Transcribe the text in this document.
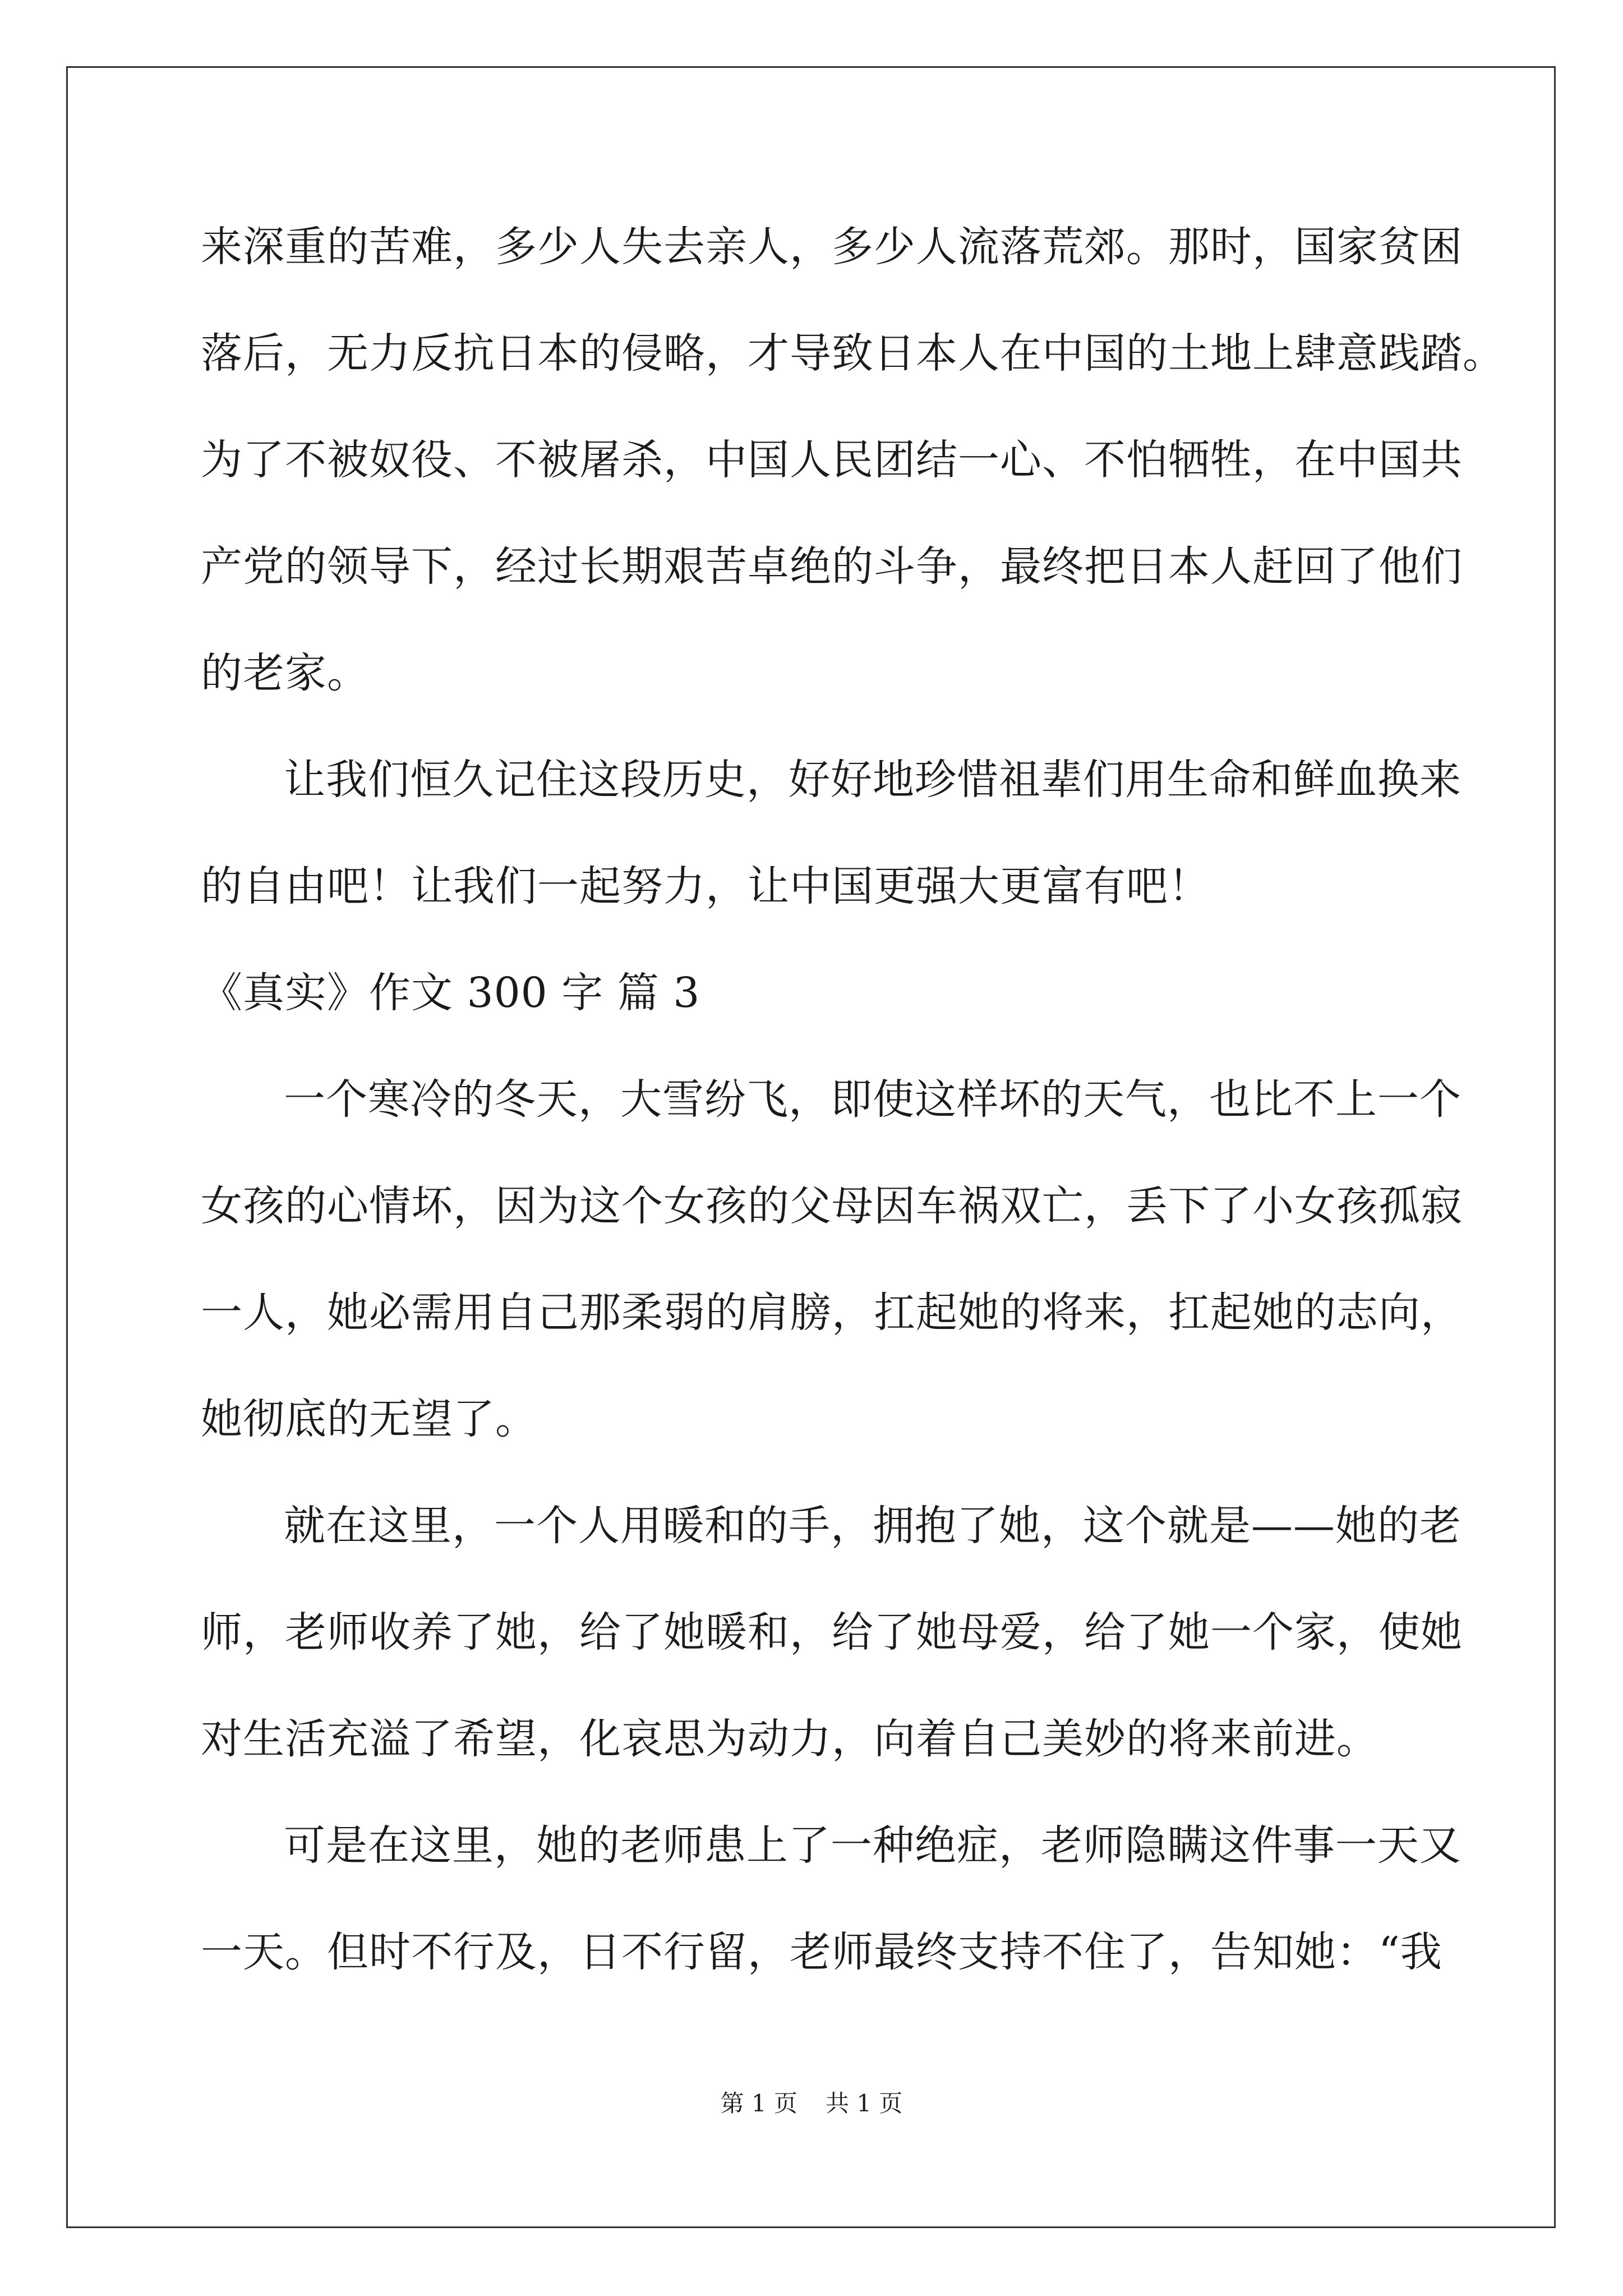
来深重的苦难，多少人失去亲人，多少人流落荒郊。那时，国家贫困
落后，无力反抗日本的侵略，才导致日本人在中国的土地上肆意践踏。
为了不被奴役、不被屠杀，中国人民团结一心、不怕牺牲，在中国共
产党的领导下，经过长期艰苦卓绝的斗争，最终把日本人赶回了他们
的老家。
让我们恒久记住这段历史，好好地珍惜祖辈们用生命和鲜血换来
的自由吧！让我们一起努力，让中国更强大更富有吧！
《真实》作文 300 字 篇 3
一个寒冷的冬天，大雪纷飞，即使这样坏的天气，也比不上一个
女孩的心情坏，因为这个女孩的父母因车祸双亡，丢下了小女孩孤寂
一人，她必需用自己那柔弱的肩膀，扛起她的将来，扛起她的志向，
她彻底的无望了。
就在这里，一个人用暖和的手，拥抱了她，这个就是——她的老
师，老师收养了她，给了她暖和，给了她母爱，给了她一个家，使她
对生活充溢了希望，化哀思为动力，向着自己美妙的将来前进。
可是在这里，她的老师患上了一种绝症，老师隐瞒这件事一天又
一天。但时不行及，日不行留，老师最终支持不住了，告知她：“我
第 1 页 共 1 页
